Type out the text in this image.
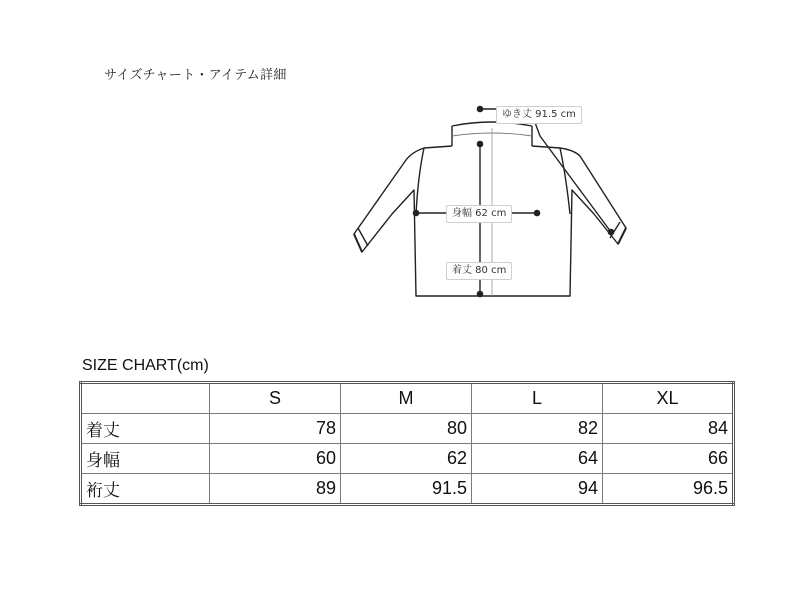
サイズチャート・アイテム詳細
ゆき丈 91.5 cm
身幅 62 cm
着丈 80 cm
SIZE CHART(cm)
	S	M	L	XL
着丈	78	80	82	84
身幅	60	62	64	66
裄丈	89	91.5	94	96.5
